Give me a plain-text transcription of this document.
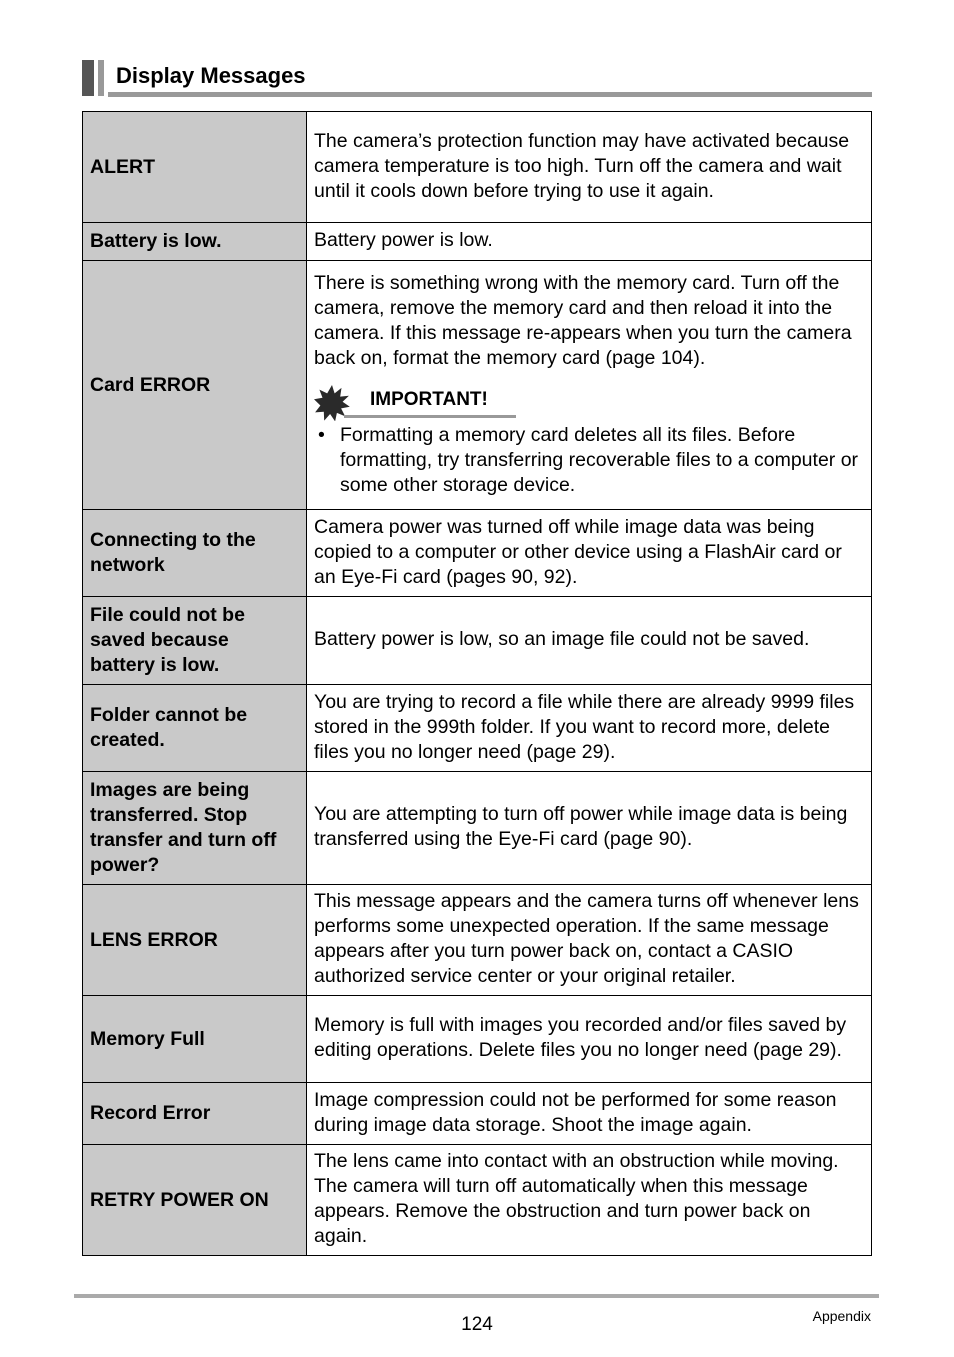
Display Messages
ALERT	The camera’s protection function may have activated because camera temperature is too high. Turn off the camera and wait until it cools down before trying to use it again.
Battery is low.	Battery power is low.
Card ERROR	There is something wrong with the memory card. Turn off the camera, remove the memory card and then reload it into the camera. If this message re-appears when you turn the camera back on, format the memory card (page 104).
IMPORTANT!
• Formatting a memory card deletes all its files. Before formatting, try transferring recoverable files to a computer or some other storage device.

Connecting to the network	Camera power was turned off while image data was being copied to a computer or other device using a FlashAir card or an Eye-Fi card (pages 90, 92).
File could not be saved because battery is low.	Battery power is low, so an image file could not be saved.
Folder cannot be created.	You are trying to record a file while there are already 9999 files stored in the 999th folder. If you want to record more, delete files you no longer need (page 29).
Images are being transferred. Stop transfer and turn off power?	You are attempting to turn off power while image data is being transferred using the Eye-Fi card (page 90).
LENS ERROR	This message appears and the camera turns off whenever lens performs some unexpected operation. If the same message appears after you turn power back on, contact a CASIO authorized service center or your original retailer.
Memory Full	Memory is full with images you recorded and/or files saved by editing operations. Delete files you no longer need (page 29).
Record Error	Image compression could not be performed for some reason during image data storage. Shoot the image again.
RETRY POWER ON	The lens came into contact with an obstruction while moving. The camera will turn off automatically when this message appears. Remove the obstruction and turn power back on again.
124	Appendix
